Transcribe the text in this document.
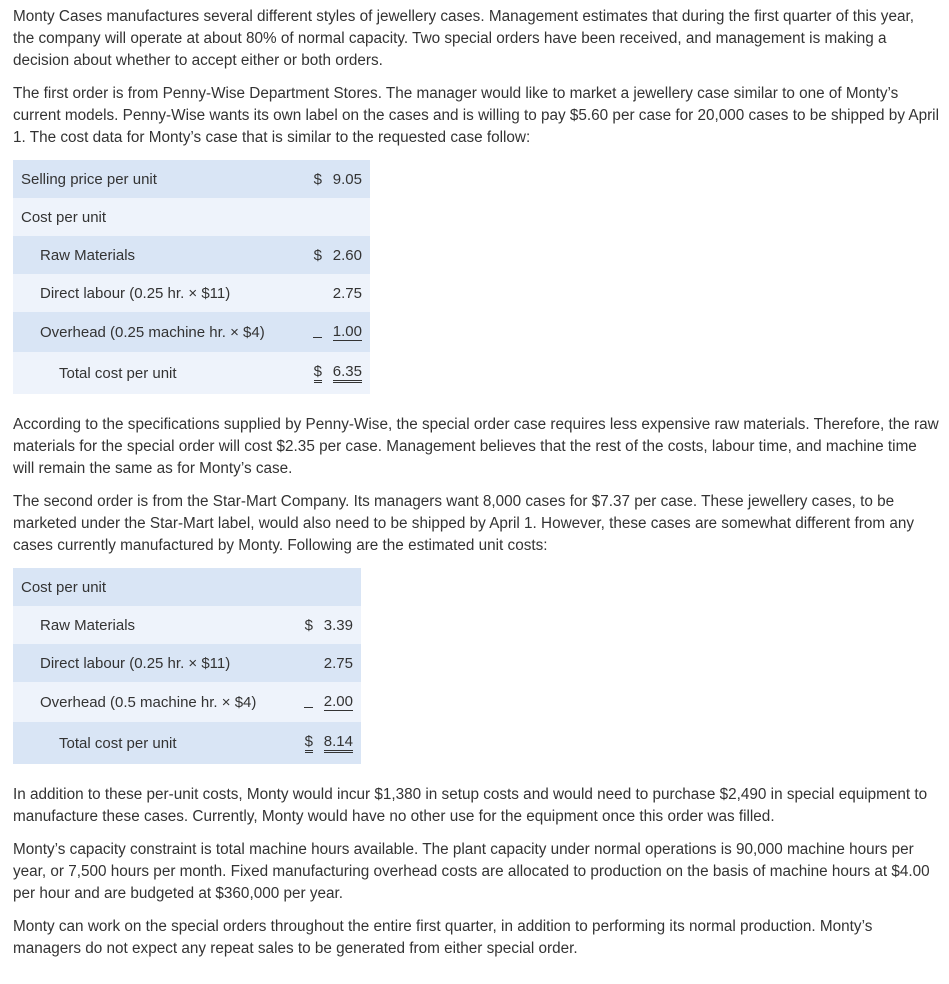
Monty Cases manufactures several different styles of jewellery cases. Management estimates that during the first quarter of this year, the company will operate at about 80% of normal capacity. Two special orders have been received, and management is making a decision about whether to accept either or both orders.

The first order is from Penny-Wise Department Stores. The manager would like to market a jewellery case similar to one of Monty’s current models. Penny-Wise wants its own label on the cases and is willing to pay $5.60 per case for 20,000 cases to be shipped by April 1. The cost data for Monty’s case that is similar to the requested case follow:

Selling price per unit	$	9.05
Cost per unit		
Raw Materials	$	2.60
Direct labour (0.25 hr. × $11)		2.75
Overhead (0.25 machine hr. × $4)		1.00
Total cost per unit	$	6.35

According to the specifications supplied by Penny-Wise, the special order case requires less expensive raw materials. Therefore, the raw materials for the special order will cost $2.35 per case. Management believes that the rest of the costs, labour time, and machine time will remain the same as for Monty’s case.

The second order is from the Star-Mart Company. Its managers want 8,000 cases for $7.37 per case. These jewellery cases, to be marketed under the Star-Mart label, would also need to be shipped by April 1. However, these cases are somewhat different from any cases currently manufactured by Monty. Following are the estimated unit costs:

Cost per unit		
Raw Materials	$	3.39
Direct labour (0.25 hr. × $11)		2.75
Overhead (0.5 machine hr. × $4)		2.00
Total cost per unit	$	8.14

In addition to these per-unit costs, Monty would incur $1,380 in setup costs and would need to purchase $2,490 in special equipment to manufacture these cases. Currently, Monty would have no other use for the equipment once this order was filled.

Monty’s capacity constraint is total machine hours available. The plant capacity under normal operations is 90,000 machine hours per year, or 7,500 hours per month. Fixed manufacturing overhead costs are allocated to production on the basis of machine hours at $4.00 per hour and are budgeted at $360,000 per year.

Monty can work on the special orders throughout the entire first quarter, in addition to performing its normal production. Monty’s managers do not expect any repeat sales to be generated from either special order.
